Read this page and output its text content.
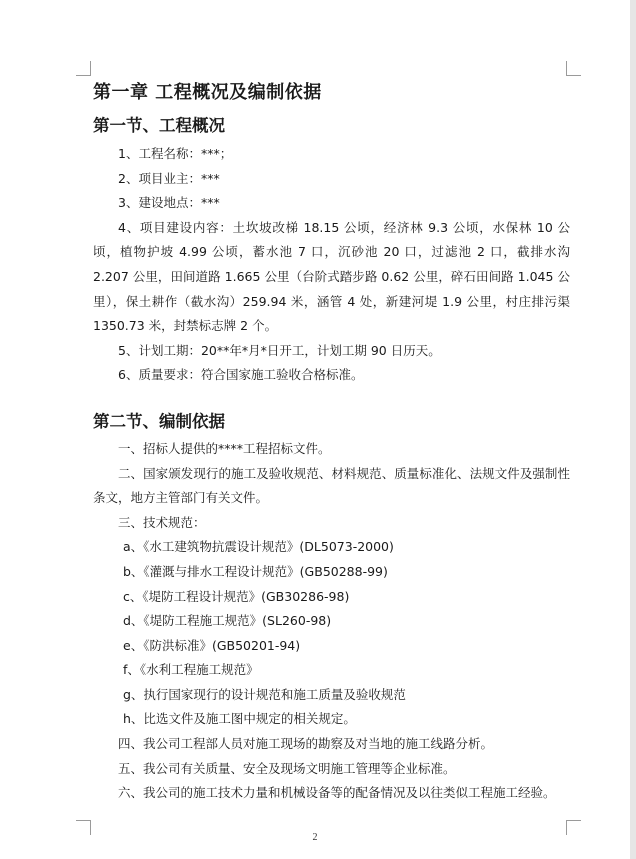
第一章 工程概况及编制依据
第一节、工程概况
1、工程名称：***；
2、项目业主：***
3、建设地点：***
4、项目建设内容：土坎坡改梯 18.15 公顷，经济林 9.3 公顷，水保林 10 公顷，植物护坡 4.99 公顷，蓄水池 7 口，沉砂池 20 口，过滤池 2 口，截排水沟 2.207 公里，田间道路 1.665 公里（台阶式踏步路 0.62 公里，碎石田间路 1.045 公里），保土耕作（截水沟）259.94 米，涵管 4 处，新建河堤 1.9 公里，村庄排污渠 1350.73 米，封禁标志牌 2 个。
5、计划工期：20**年*月*日开工，计划工期 90 日历天。
6、质量要求：符合国家施工验收合格标准。
第二节、编制依据
一、招标人提供的****工程招标文件。
二、国家颁发现行的施工及验收规范、材料规范、质量标准化、法规文件及强制性条文，地方主管部门有关文件。
三、技术规范：
a、《水工建筑物抗震设计规范》(DL5073-2000)
b、《灌溉与排水工程设计规范》(GB50288-99)
c、《堤防工程设计规范》(GB30286-98)
d、《堤防工程施工规范》(SL260-98)
e、《防洪标准》(GB50201-94)
f、《水利工程施工规范》
g、执行国家现行的设计规范和施工质量及验收规范
h、比选文件及施工图中规定的相关规定。
四、我公司工程部人员对施工现场的勘察及对当地的施工线路分析。
五、我公司有关质量、安全及现场文明施工管理等企业标准。
六、我公司的施工技术力量和机械设备等的配备情况及以往类似工程施工经验。
2
